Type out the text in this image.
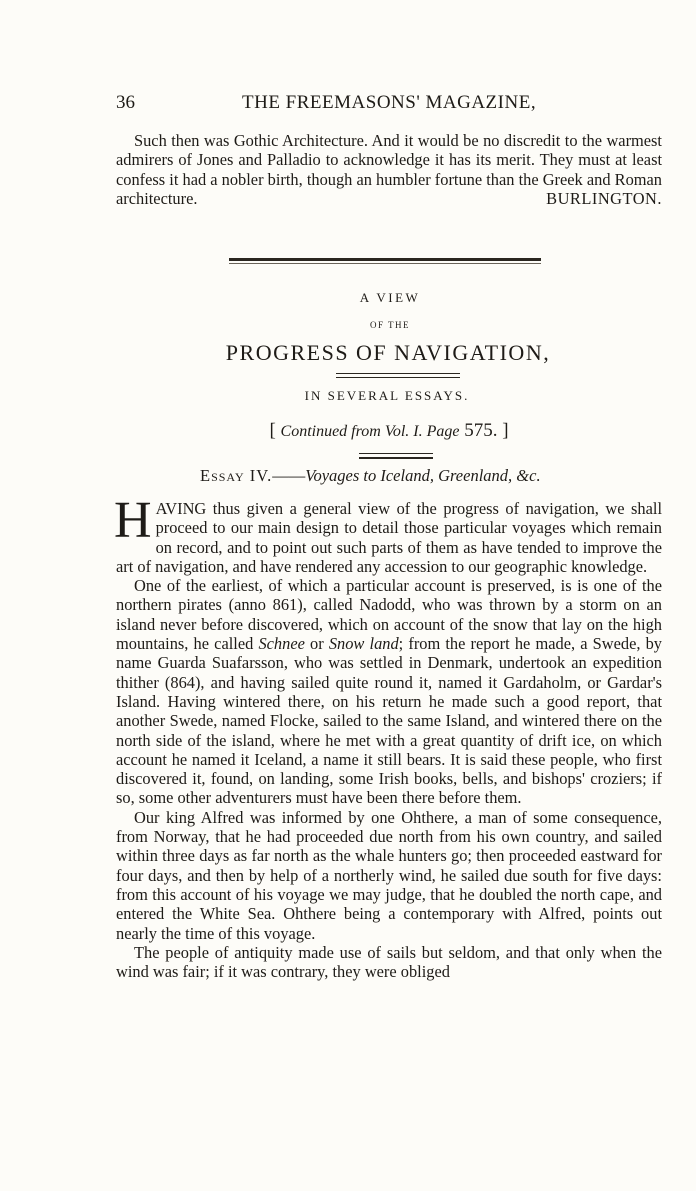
36	THE FREEMASONS' MAGAZINE,

Such then was Gothic Architecture. And it would be no discredit to the warmest admirers of Jones and Palladio to acknowledge it has its merit. They must at least confess it had a nobler birth, though an humbler fortune than the Greek and Roman architecture.	BURLINGTON.
A VIEW
OF THE
PROGRESS OF NAVIGATION,
IN SEVERAL ESSAYS.
[ Continued from Vol. I. Page 575. ]
Essay IV.——Voyages to Iceland, Greenland, &c.

HAVING thus given a general view of the progress of navigation, we shall proceed to our main design to detail those particular voyages which remain on record, and to point out such parts of them as have tended to improve the art of navigation, and have rendered any accession to our geographic knowledge.

One of the earliest, of which a particular account is preserved, is is one of the northern pirates (anno 861), called Nadodd, who was thrown by a storm on an island never before discovered, which on account of the snow that lay on the high mountains, he called Schnee or Snow land; from the report he made, a Swede, by name Guarda Suafarsson, who was settled in Denmark, undertook an expedition thither (864), and having sailed quite round it, named it Gardaholm, or Gardar's Island. Having wintered there, on his return he made such a good report, that another Swede, named Flocke, sailed to the same Island, and wintered there on the north side of the island, where he met with a great quantity of drift ice, on which account he named it Iceland, a name it still bears. It is said these people, who first discovered it, found, on landing, some Irish books, bells, and bishops' croziers; if so, some other adventurers must have been there before them.

Our king Alfred was informed by one Ohthere, a man of some consequence, from Norway, that he had proceeded due north from his own country, and sailed within three days as far north as the whale hunters go; then proceeded eastward for four days, and then by help of a northerly wind, he sailed due south for five days: from this account of his voyage we may judge, that he doubled the north cape, and entered the White Sea. Ohthere being a contemporary with Alfred, points out nearly the time of this voyage.

The people of antiquity made use of sails but seldom, and that only when the wind was fair; if it was contrary, they were obliged
